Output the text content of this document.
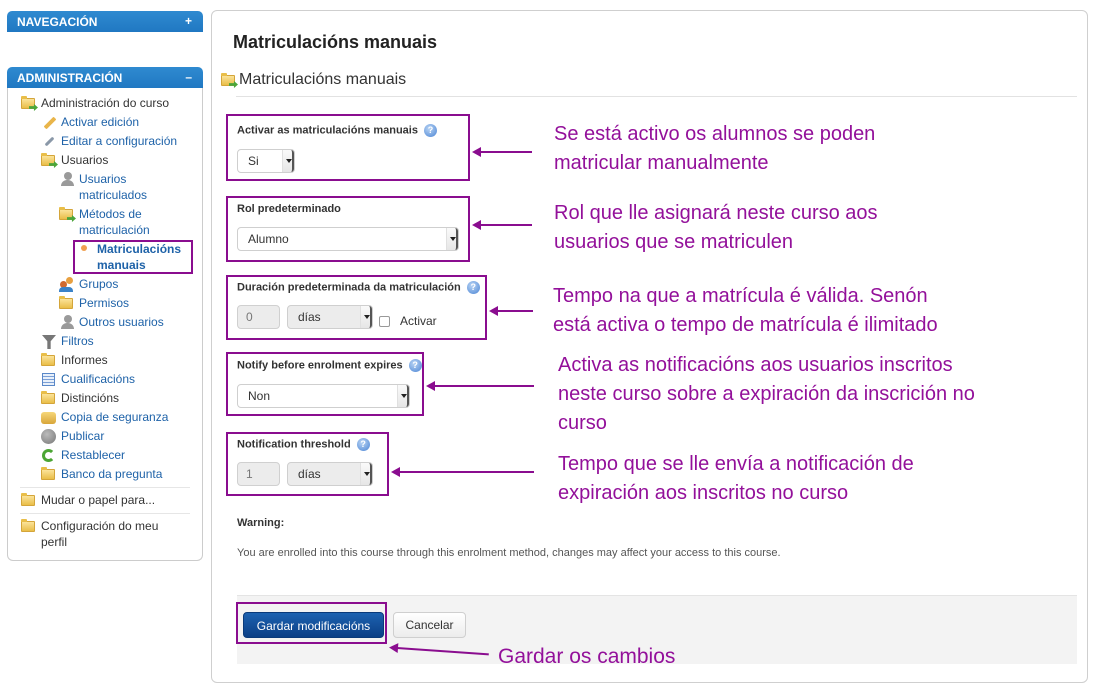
NAVEGACIÓN	+
ADMINISTRACIÓN	–
Administración do curso
Activar edición
Editar a configuración
Usuarios
Usuarios matriculados
Métodos de matriculación
Matriculacións manuais
Grupos
Permisos
Outros usuarios
Filtros
Informes
Cualificacións
Distincións
Copia de seguranza
Publicar
Restablecer
Banco da pregunta
Mudar o papel para...
Configuración do meu perfil
Matriculacións manuais
Matriculacións manuais
Activar as matriculacións manuais ?
Si
Rol predeterminado
Alumno
Duración predeterminada da matriculación ?
0	días	Activar
Notify before enrolment expires ?
Non
Notification threshold ?
1	días
Warning:
You are enrolled into this course through this enrolment method, changes may affect your access to this course.
Gardar modificacións	Cancelar
Se está activo os alumnos se poden
matricular manualmente
Rol que lle asignará neste curso aos
usuarios que se matriculen
Tempo na que a matrícula é válida. Senón
está activa o tempo de matrícula é ilimitado
Activa as notificacións aos usuarios inscritos
neste curso sobre a expiración da inscrición no
curso
Tempo que se lle envía a notificación de
expiración aos inscritos no curso
Gardar os cambios
